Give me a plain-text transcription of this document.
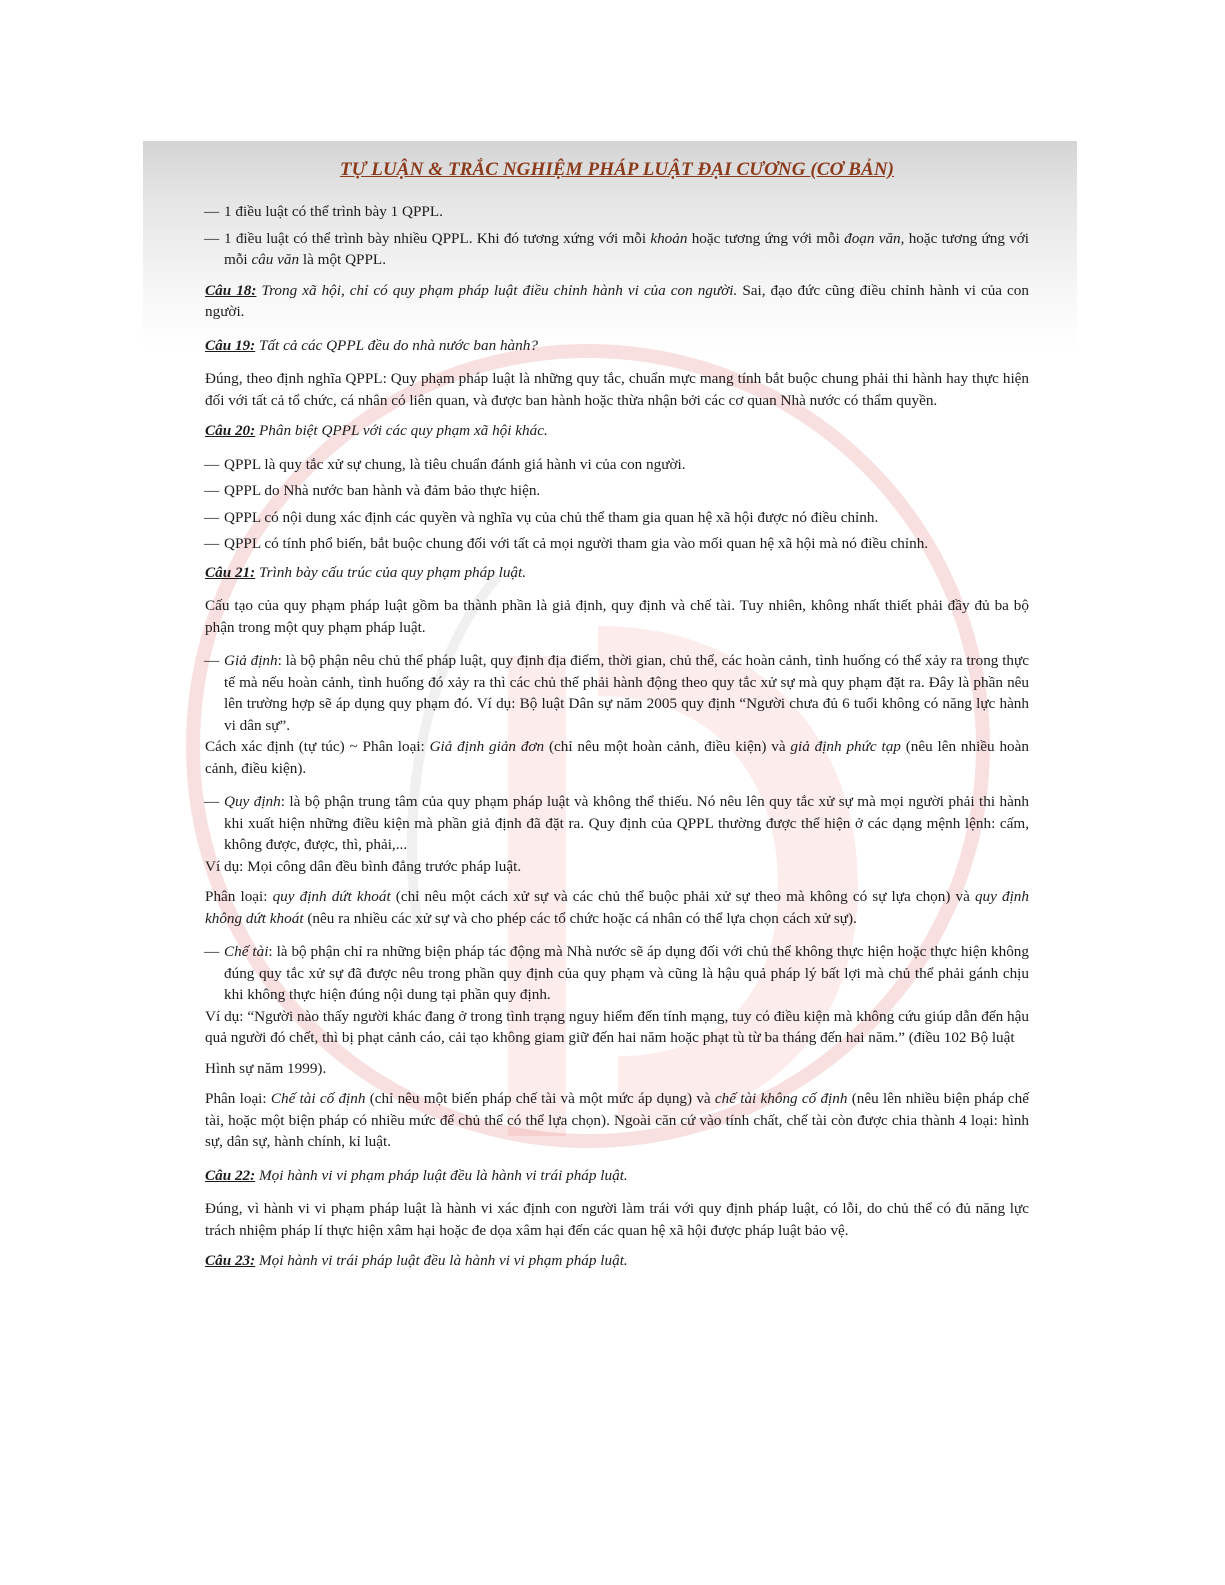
TỰ LUẬN & TRẮC NGHIỆM PHÁP LUẬT ĐẠI CƯƠNG (CƠ BẢN)

— 1 điều luật có thể trình bày 1 QPPL.

— 1 điều luật có thể trình bày nhiều QPPL. Khi đó tương xứng với mỗi khoản hoặc tương ứng với mỗi đoạn văn, hoặc tương ứng với mỗi câu văn là một QPPL.

Câu 18: Trong xã hội, chỉ có quy phạm pháp luật điều chỉnh hành vi của con người. Sai, đạo đức cũng điều chỉnh hành vi của con người.

Câu 19: Tất cả các QPPL đều do nhà nước ban hành?

Đúng, theo định nghĩa QPPL: Quy phạm pháp luật là những quy tắc, chuẩn mực mang tính bắt buộc chung phải thi hành hay thực hiện đối với tất cả tổ chức, cá nhân có liên quan, và được ban hành hoặc thừa nhận bởi các cơ quan Nhà nước có thẩm quyền.

Câu 20: Phân biệt QPPL với các quy phạm xã hội khác.

— QPPL là quy tắc xử sự chung, là tiêu chuẩn đánh giá hành vi của con người.

— QPPL do Nhà nước ban hành và đảm bảo thực hiện.

— QPPL có nội dung xác định các quyền và nghĩa vụ của chủ thể tham gia quan hệ xã hội được nó điều chỉnh.

— QPPL có tính phổ biến, bắt buộc chung đối với tất cả mọi người tham gia vào mối quan hệ xã hội mà nó điều chỉnh.

Câu 21: Trình bày cấu trúc của quy phạm pháp luật.

Cấu tạo của quy phạm pháp luật gồm ba thành phần là giả định, quy định và chế tài. Tuy nhiên, không nhất thiết phải đầy đủ ba bộ phận trong một quy phạm pháp luật.

— Giả định: là bộ phận nêu chủ thể pháp luật, quy định địa điểm, thời gian, chủ thể, các hoàn cảnh, tình huống có thể xảy ra trong thực tế mà nếu hoàn cảnh, tình huống đó xảy ra thì các chủ thể phải hành động theo quy tắc xử sự mà quy phạm đặt ra. Đây là phần nêu lên trường hợp sẽ áp dụng quy phạm đó. Ví dụ: Bộ luật Dân sự năm 2005 quy định “Người chưa đủ 6 tuổi không có năng lực hành vi dân sự”.

Cách xác định (tự túc) ~ Phân loại: Giả định giản đơn (chỉ nêu một hoàn cảnh, điều kiện) và giả định phức tạp (nêu lên nhiều hoàn cảnh, điều kiện).

— Quy định: là bộ phận trung tâm của quy phạm pháp luật và không thể thiếu. Nó nêu lên quy tắc xử sự mà mọi người phải thi hành khi xuất hiện những điều kiện mà phần giả định đã đặt ra. Quy định của QPPL thường được thể hiện ở các dạng mệnh lệnh: cấm, không được, được, thì, phải,...

Ví dụ: Mọi công dân đều bình đẳng trước pháp luật.

Phân loại: quy định dứt khoát (chỉ nêu một cách xử sự và các chủ thể buộc phải xử sự theo mà không có sự lựa chọn) và quy định không dứt khoát (nêu ra nhiều các xử sự và cho phép các tổ chức hoặc cá nhân có thể lựa chọn cách xử sự).

— Chế tài: là bộ phận chỉ ra những biện pháp tác động mà Nhà nước sẽ áp dụng đối với chủ thể không thực hiện hoặc thực hiện không đúng quy tắc xử sự đã được nêu trong phần quy định của quy phạm và cũng là hậu quả pháp lý bất lợi mà chủ thể phải gánh chịu khi không thực hiện đúng nội dung tại phần quy định.

Ví dụ: “Người nào thấy người khác đang ở trong tình trạng nguy hiểm đến tính mạng, tuy có điều kiện mà không cứu giúp dẫn đến hậu quả người đó chết, thì bị phạt cảnh cáo, cải tạo không giam giữ đến hai năm hoặc phạt tù từ ba tháng đến hai năm.” (điều 102 Bộ luật

Hình sự năm 1999).

Phân loại: Chế tài cố định (chỉ nêu một biến pháp chế tài và một mức áp dụng) và chế tài không cố định (nêu lên nhiều biện pháp chế tài, hoặc một biện pháp có nhiều mức để chủ thể có thể lựa chọn). Ngoài căn cứ vào tính chất, chế tài còn được chia thành 4 loại: hình sự, dân sự, hành chính, kỉ luật.

Câu 22: Mọi hành vi vi phạm pháp luật đều là hành vi trái pháp luật.

Đúng, vì hành vi vi phạm pháp luật là hành vi xác định con người làm trái với quy định pháp luật, có lỗi, do chủ thể có đủ năng lực trách nhiệm pháp lí thực hiện xâm hại hoặc đe dọa xâm hại đến các quan hệ xã hội được pháp luật bảo vệ.

Câu 23: Mọi hành vi trái pháp luật đều là hành vi vi phạm pháp luật.
